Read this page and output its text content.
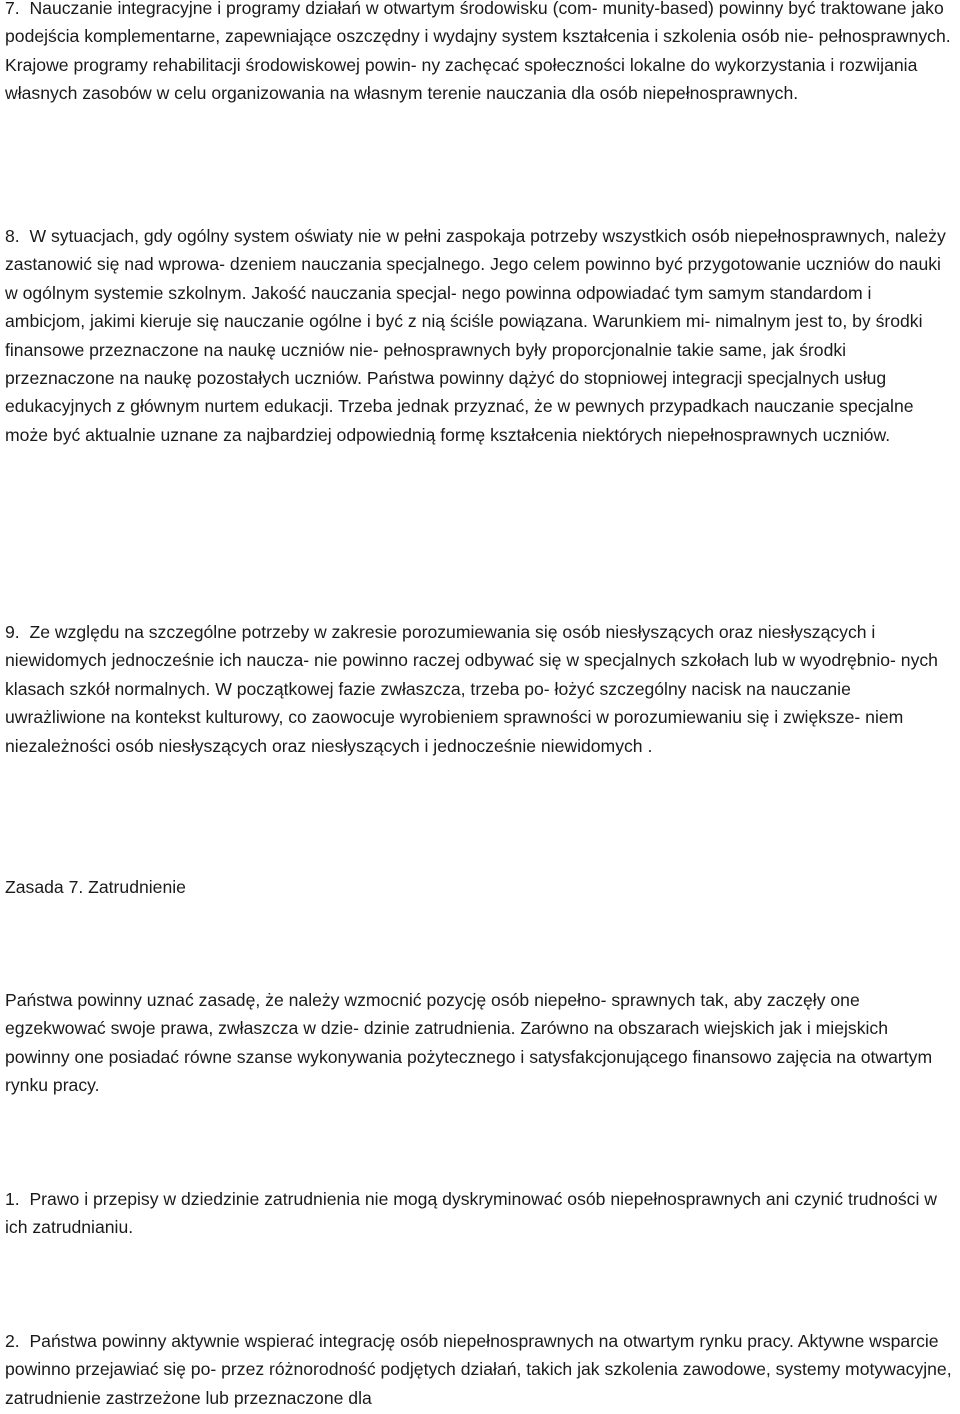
7.  Nauczanie integracyjne i programy działań w otwartym środowisku (com- munity-based) powinny być traktowane jako podejścia komplementarne, zapewniające oszczędny i wydajny system kształcenia i szkolenia osób nie- pełnosprawnych. Krajowe programy rehabilitacji środowiskowej powin- ny zachęcać społeczności lokalne do wykorzystania i rozwijania własnych zasobów w celu organizowania na własnym terenie nauczania dla osób niepełnosprawnych.

8.  W sytuacjach, gdy ogólny system oświaty nie w pełni zaspokaja potrzeby wszystkich osób niepełnosprawnych, należy zastanowić się nad wprowa- dzeniem nauczania specjalnego. Jego celem powinno być przygotowanie uczniów do nauki w ogólnym systemie szkolnym. Jakość nauczania specjal- nego powinna odpowiadać tym samym standardom i ambicjom, jakimi kieruje się nauczanie ogólne i być z nią ściśle powiązana. Warunkiem mi- nimalnym jest to, by środki finansowe przeznaczone na naukę uczniów nie- pełnosprawnych były proporcjonalnie takie same, jak środki przeznaczone na naukę pozostałych uczniów. Państwa powinny dążyć do stopniowej integracji specjalnych usług edukacyjnych z głównym nurtem edukacji. Trzeba jednak przyznać, że w pewnych przypadkach nauczanie specjalne może być aktualnie uznane za najbardziej odpowiednią formę kształcenia niektórych niepełnosprawnych uczniów.

9.  Ze względu na szczególne potrzeby w zakresie porozumiewania się osób niesłyszących oraz niesłyszących i niewidomych jednocześnie ich naucza- nie powinno raczej odbywać się w specjalnych szkołach lub w wyodrębnio- nych klasach szkół normalnych. W początkowej fazie zwłaszcza, trzeba po- łożyć szczególny nacisk na nauczanie uwrażliwione na kontekst kulturowy, co zaowocuje wyrobieniem sprawności w porozumiewaniu się i zwiększe- niem niezależności osób niesłyszących oraz niesłyszących i jednocześnie niewidomych .

Zasada 7. Zatrudnienie

Państwa powinny uznać zasadę, że należy wzmocnić pozycję osób niepełno- sprawnych tak, aby zaczęły one egzekwować swoje prawa, zwłaszcza w dzie- dzinie zatrudnienia. Zarówno na obszarach wiejskich jak i miejskich powinny one posiadać równe szanse wykonywania pożytecznego i satysfakcjonującego finansowo zajęcia na otwartym rynku pracy.

1.  Prawo i przepisy w dziedzinie zatrudnienia nie mogą dyskryminować osób niepełnosprawnych ani czynić trudności w ich zatrudnianiu.

2.  Państwa powinny aktywnie wspierać integrację osób niepełnosprawnych na otwartym rynku pracy. Aktywne wsparcie powinno przejawiać się po- przez różnorodność podjętych działań, takich jak szkolenia zawodowe, systemy motywacyjne, zatrudnienie zastrzeżone lub przeznaczone dla
